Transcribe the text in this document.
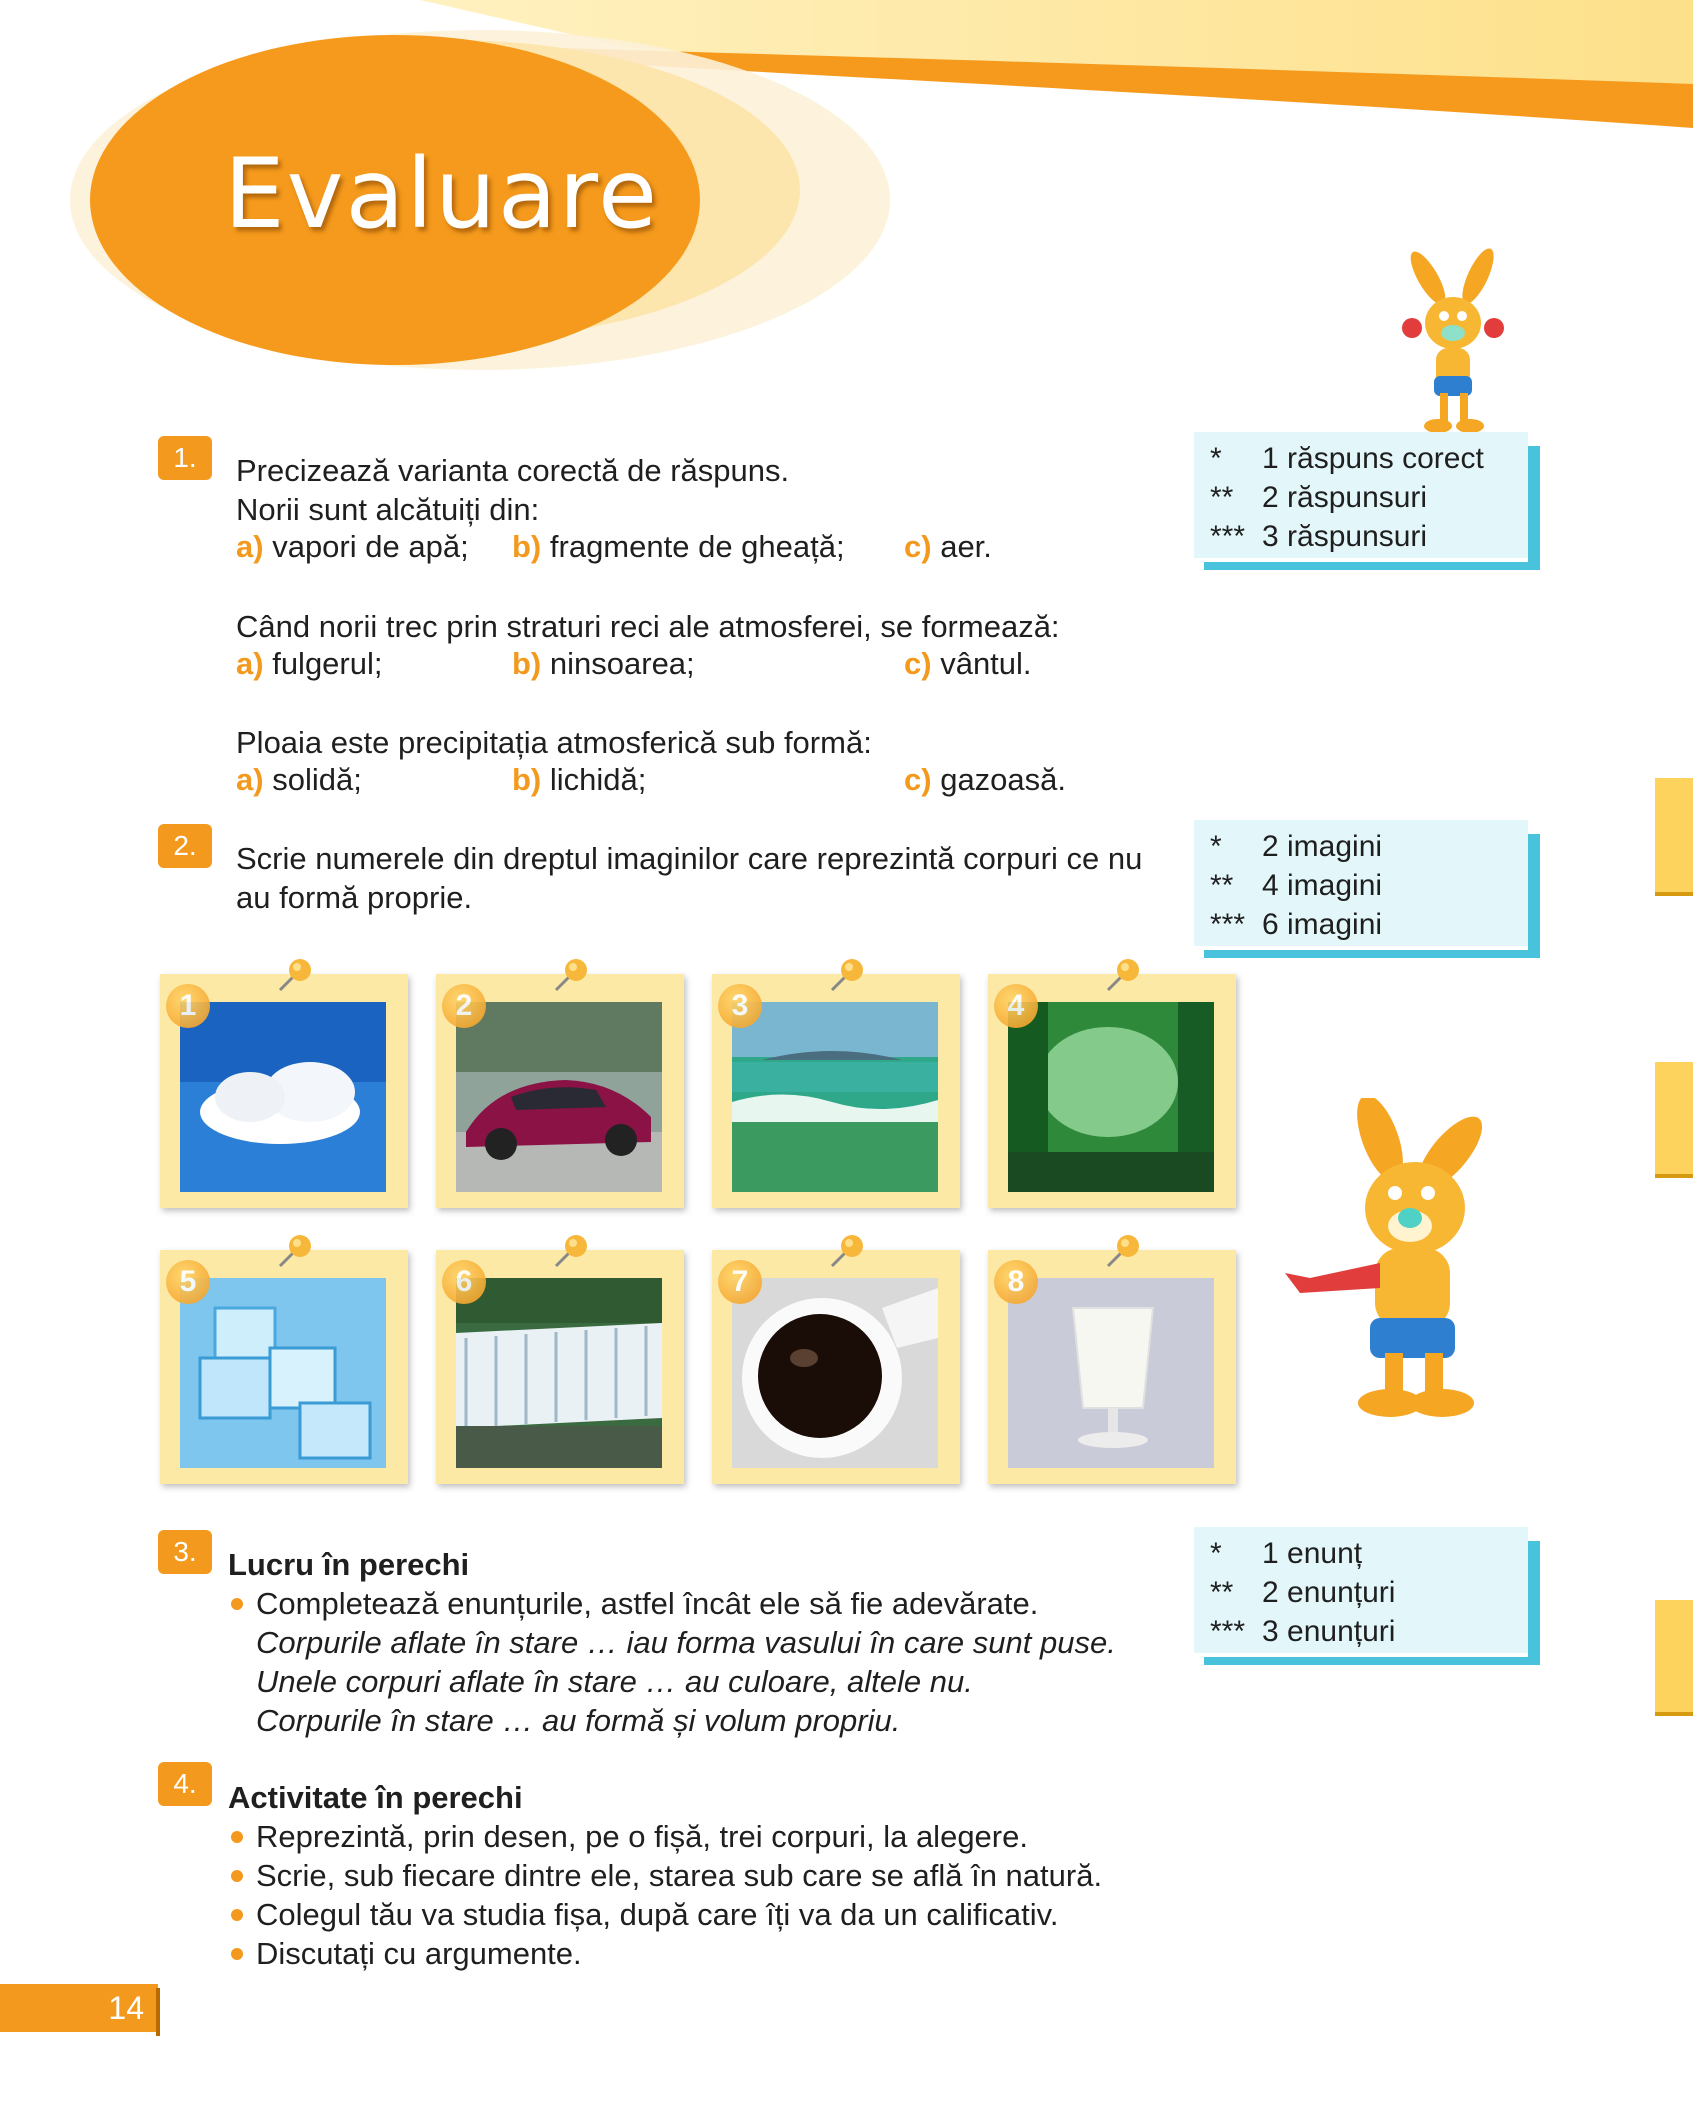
Evaluare
1.	Precizează varianta corectă de răspuns.
Norii sunt alcătuiți din:
a) vapori de apă; b) fragmente de gheață; c) aer.
Când norii trec prin straturi reci ale atmosferei, se formează:
a) fulgerul;	b) ninsoarea;	c) vântul.
Ploaia este precipitația atmosferică sub formă:
a) solidă;	b) lichidă;	c) gazoasă.
* 1 răspuns corect
** 2 răspunsuri
*** 3 răspunsuri
2.	Scrie numerele din dreptul imaginilor care reprezintă corpuri ce nu
au formă proprie.
* 2 imagini
** 4 imagini
*** 6 imagini
1	2	3	4
5	6	7	8
3.	Lucru în perechi
Completează enunțurile, astfel încât ele să fie adevărate.
Corpurile aflate în stare … iau forma vasului în care sunt puse.
Unele corpuri aflate în stare … au culoare, altele nu.
Corpurile în stare … au formă și volum propriu.
* 1 enunț
** 2 enunțuri
*** 3 enunțuri
4.	Activitate în perechi
Reprezintă, prin desen, pe o fișă, trei corpuri, la alegere.
Scrie, sub fiecare dintre ele, starea sub care se află în natură.
Colegul tău va studia fișa, după care îți va da un calificativ.
Discutați cu argumente.
14
